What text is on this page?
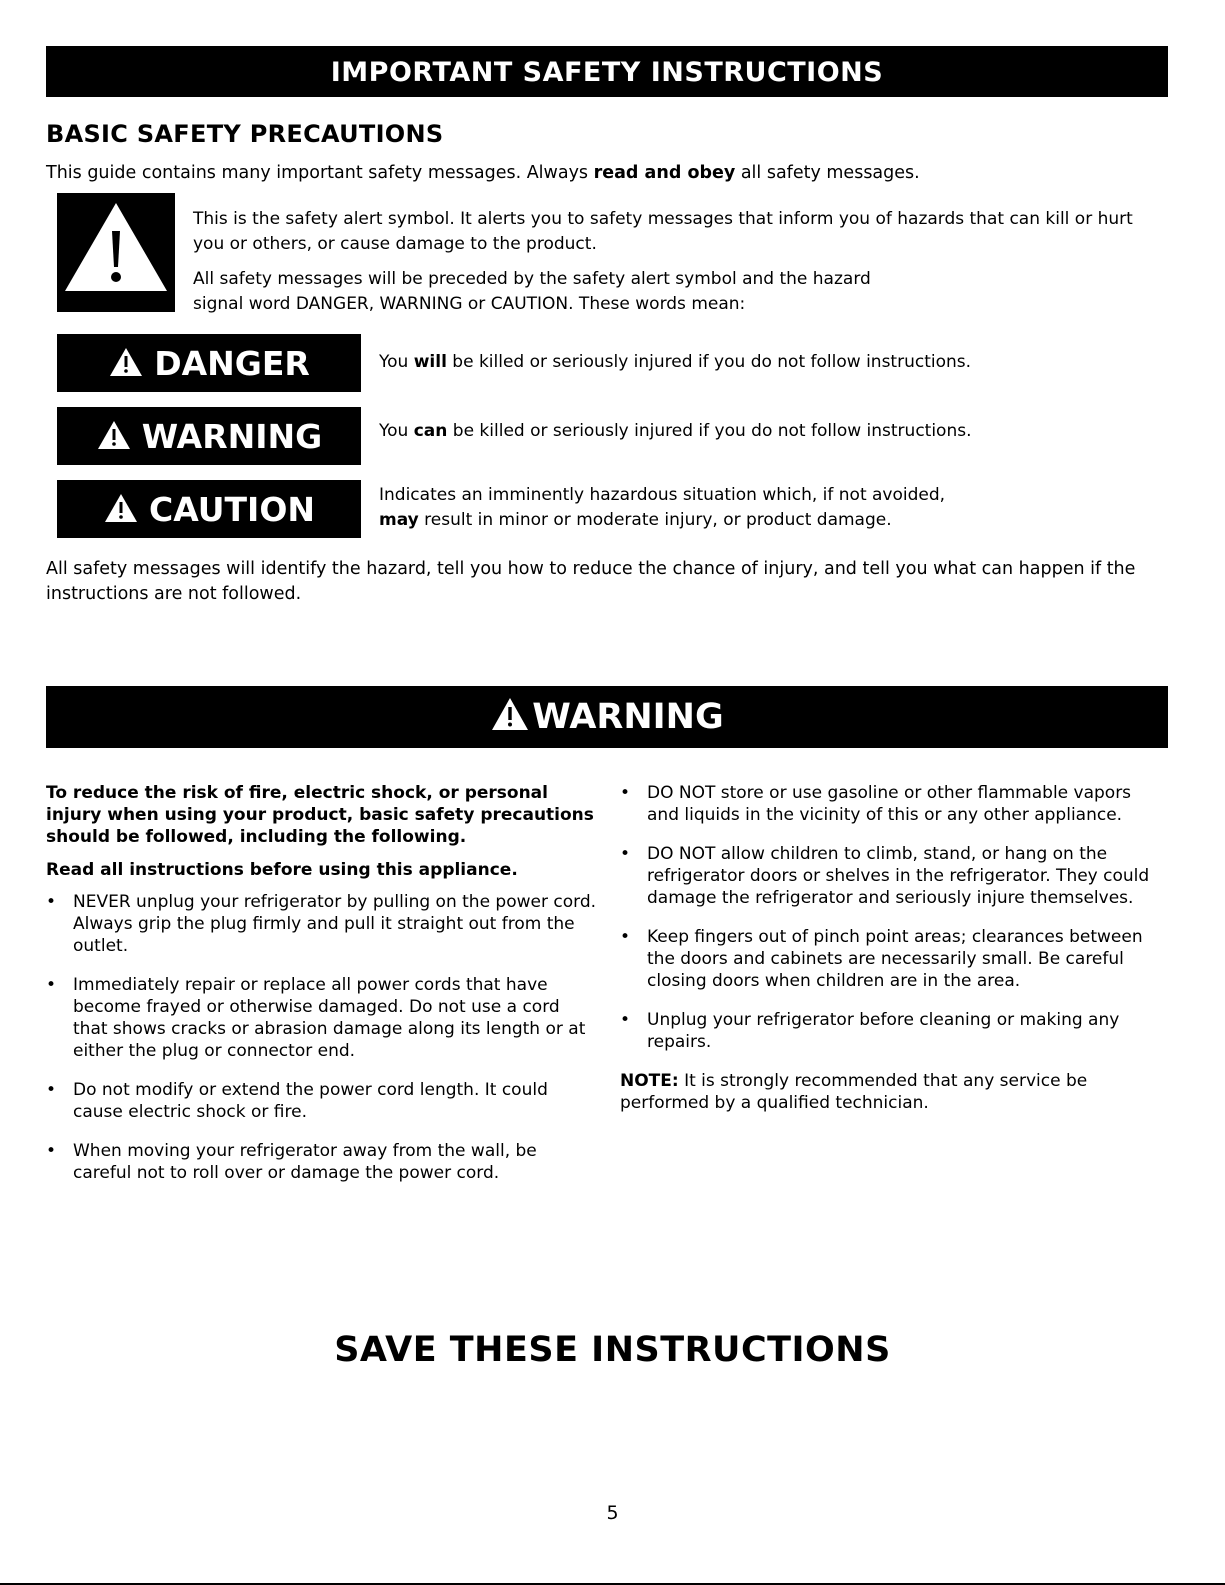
IMPORTANT SAFETY INSTRUCTIONS
BASIC SAFETY PRECAUTIONS
This guide contains many important safety messages. Always read and obey all safety messages.
This is the safety alert symbol. It alerts you to safety messages that inform you of hazards that can kill or hurt you or others, or cause damage to the product.
All safety messages will be preceded by the safety alert symbol and the hazard
signal word DANGER, WARNING or CAUTION. These words mean:
DANGER	You will be killed or seriously injured if you do not follow instructions.
WARNING	You can be killed or seriously injured if you do not follow instructions.
CAUTION	Indicates an imminently hazardous situation which, if not avoided,
may result in minor or moderate injury, or product damage.
All safety messages will identify the hazard, tell you how to reduce the chance of injury, and tell you what can happen if the instructions are not followed.
WARNING

To reduce the risk of fire, electric shock, or personal injury when using your product, basic safety precautions should be followed, including the following.

Read all instructions before using this appliance.

• NEVER unplug your refrigerator by pulling on the power cord. Always grip the plug firmly and pull it straight out from the outlet.
• Immediately repair or replace all power cords that have become frayed or otherwise damaged. Do not use a cord that shows cracks or abrasion damage along its length or at either the plug or connector end.
• Do not modify or extend the power cord length. It could cause electric shock or fire.
• When moving your refrigerator away from the wall, be careful not to roll over or damage the power cord.
• DO NOT store or use gasoline or other flammable vapors and liquids in the vicinity of this or any other appliance.
• DO NOT allow children to climb, stand, or hang on the refrigerator doors or shelves in the refrigerator. They could damage the refrigerator and seriously injure themselves.
• Keep fingers out of pinch point areas; clearances between the doors and cabinets are necessarily small. Be careful closing doors when children are in the area.
• Unplug your refrigerator before cleaning or making any repairs.
NOTE: It is strongly recommended that any service be performed by a qualified technician.
SAVE THESE INSTRUCTIONS
5
